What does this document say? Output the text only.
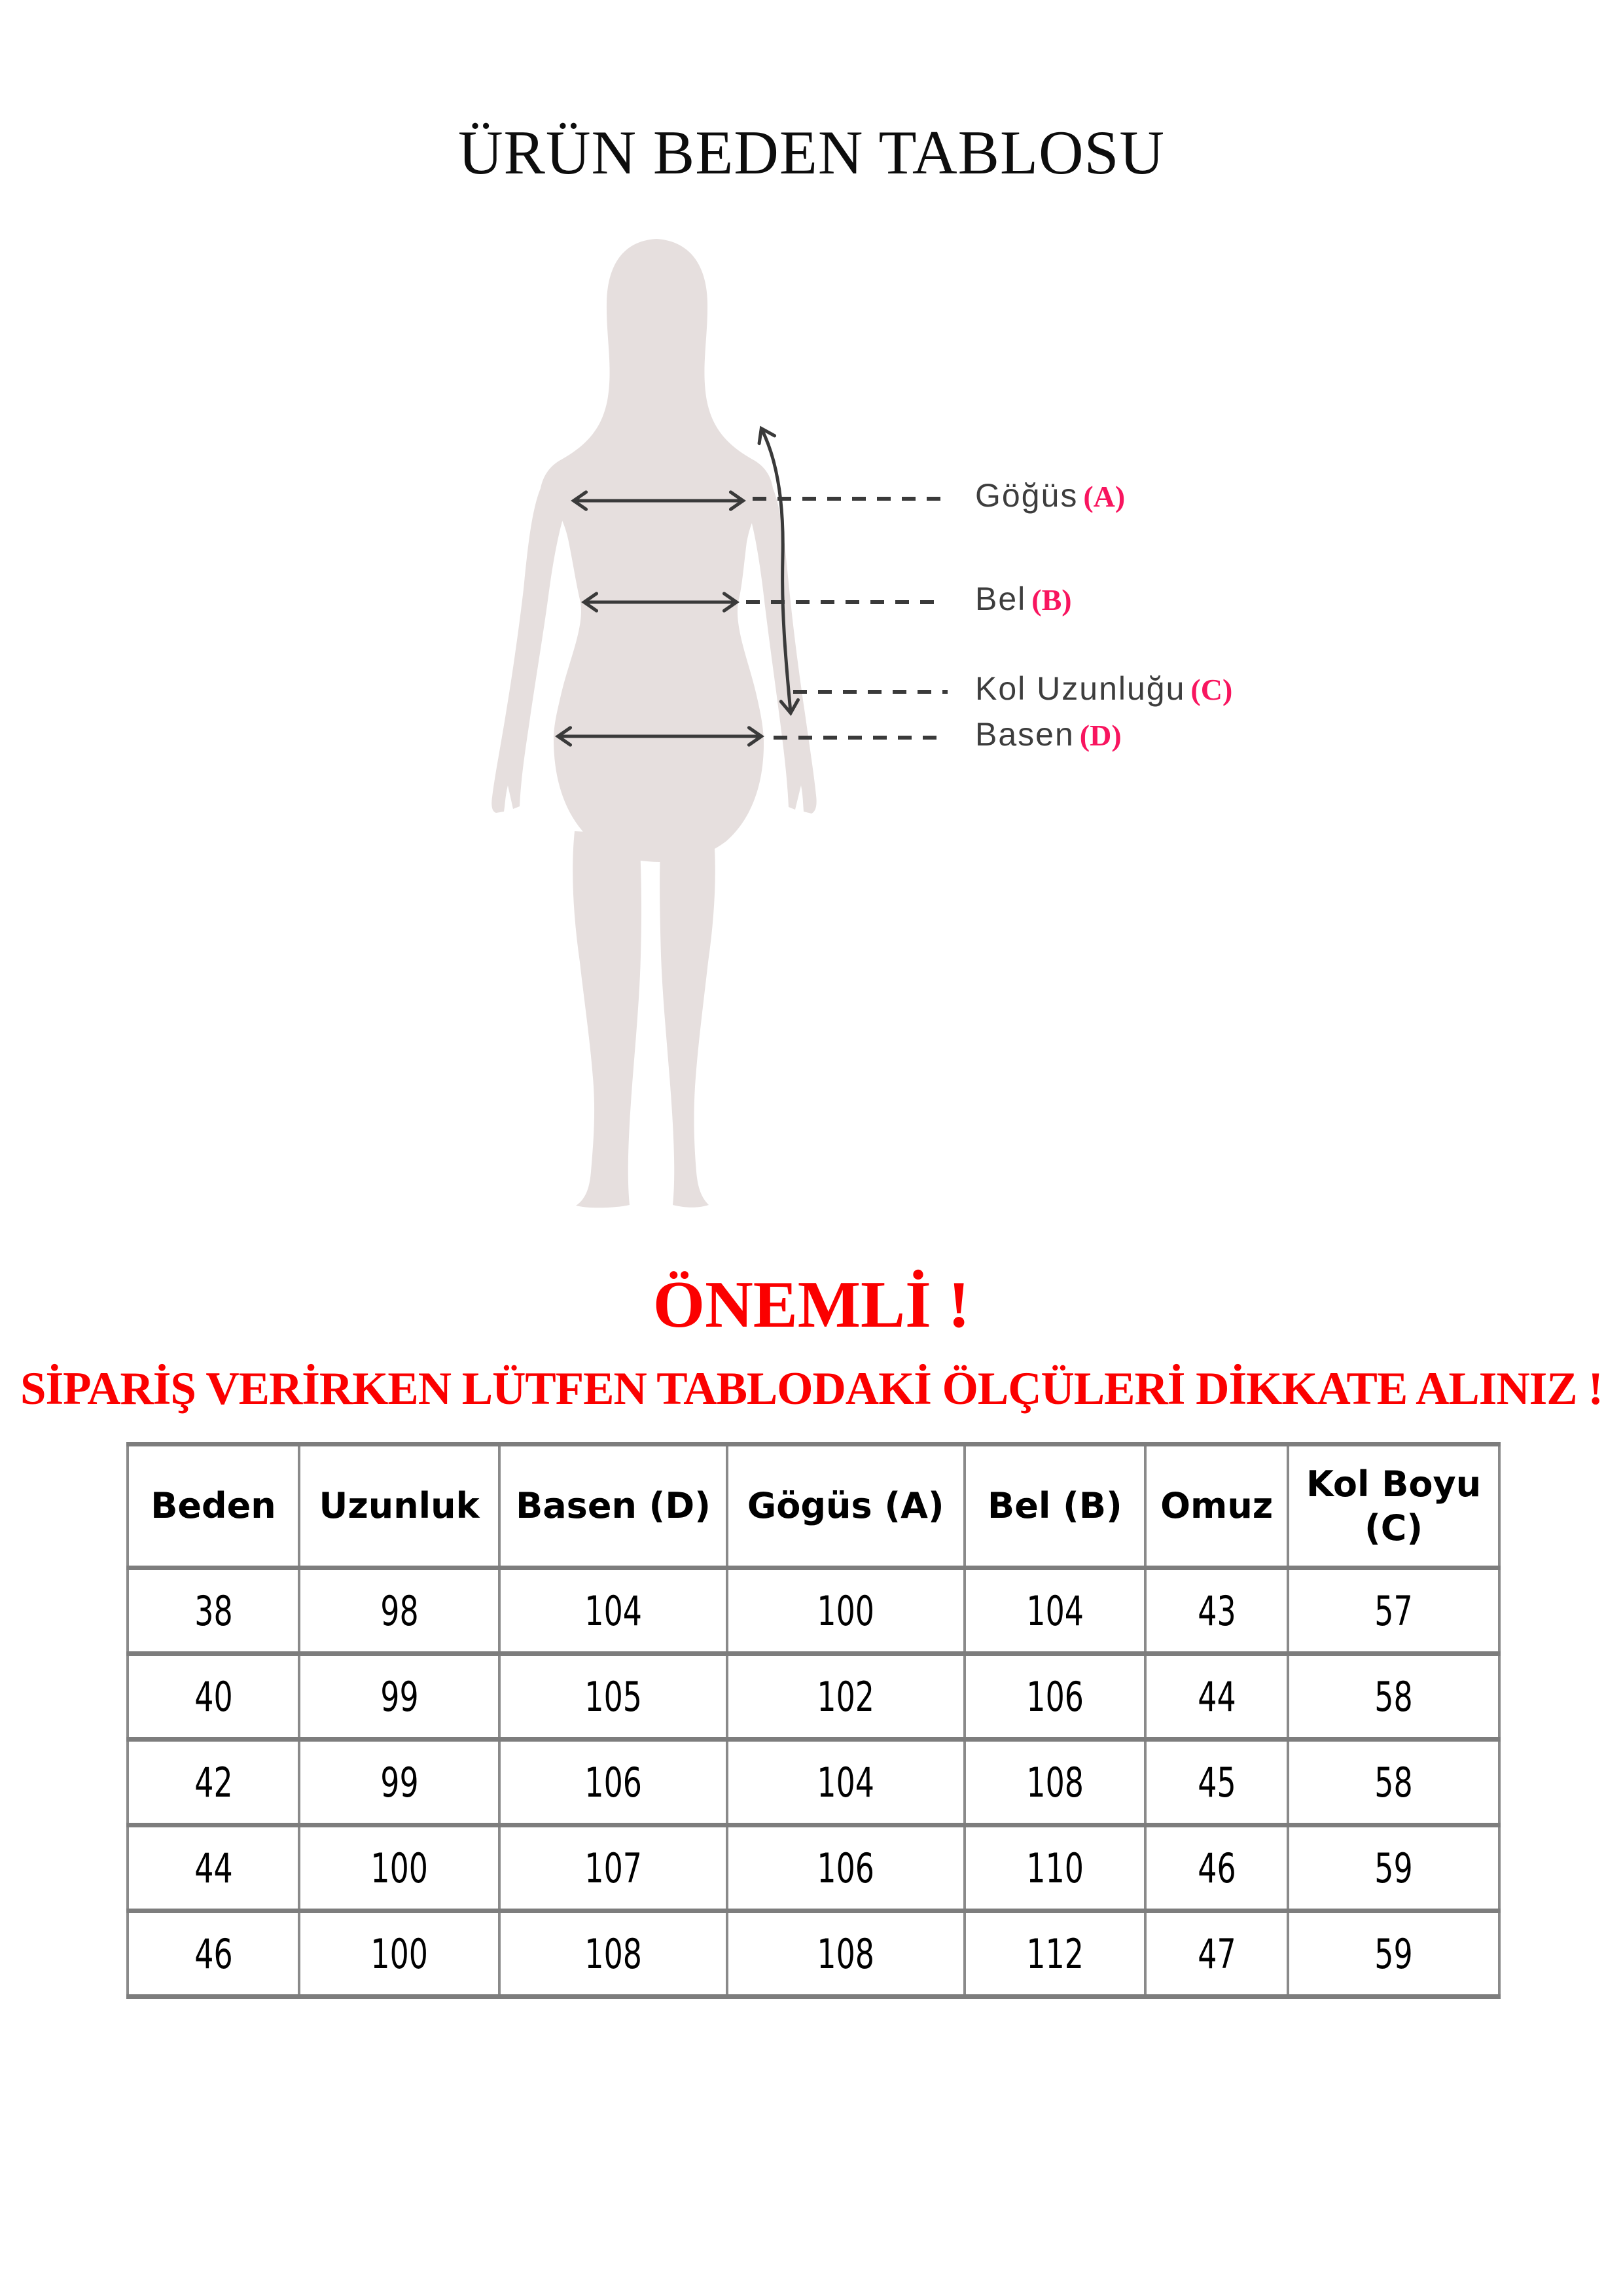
ÜRÜN BEDEN TABLOSU
Göğüs (A)
Bel (B)
Kol Uzunluğu (C)
Basen (D)
ÖNEMLİ !
SİPARİŞ VERİRKEN LÜTFEN TABLODAKİ ÖLÇÜLERİ DİKKATE ALINIZ !
Beden	Uzunluk	Basen (D)	Gögüs (A)	Bel (B)	Omuz	Kol Boyu (C)
38	98	104	100	104	43	57
40	99	105	102	106	44	58
42	99	106	104	108	45	58
44	100	107	106	110	46	59
46	100	108	108	112	47	59
